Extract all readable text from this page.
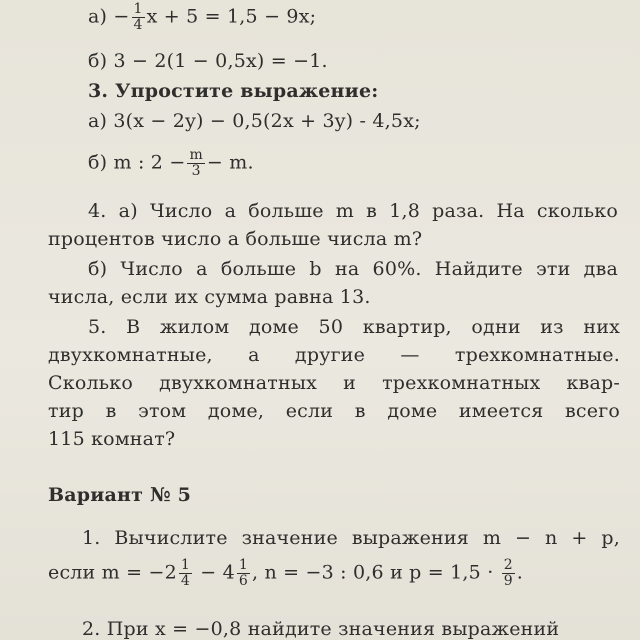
$а) - \frac{1}{4}$ x + 5 = 1,5 − 9x;
б) 3 − 2(1 − 0,5x) = −1.
3. Упростите выражение:
а) 3(x − 2y) − 0,5(2x + 3y) - 4,5x;
б) m : $2 - \frac{m}{3} - m$.
4. а) Число a больше m в 1,8 раза. На сколько
процентов число a больше числа m?
б) Число a больше b на 60%. Найдите эти два
числа, если их сумма равна 13.
5. В жилом доме 50 квартир, одни из них
двухкомнатные, а другие — трехкомнатные.
Сколько двухкомнатных и трехкомнатных квар-
тир в этом доме, если в доме имеется всего
115 комнат?
Вариант № 5
1. Вычислите значение выражения m − n + p,
если $m = -2 \frac{1}{4} - 4 \frac{1}{6}$ , n = −3 : 0,6 и $p = 1,5 \cdot \frac{2}{9}$ .
2. При x = −0,8 найдите значения выражений
